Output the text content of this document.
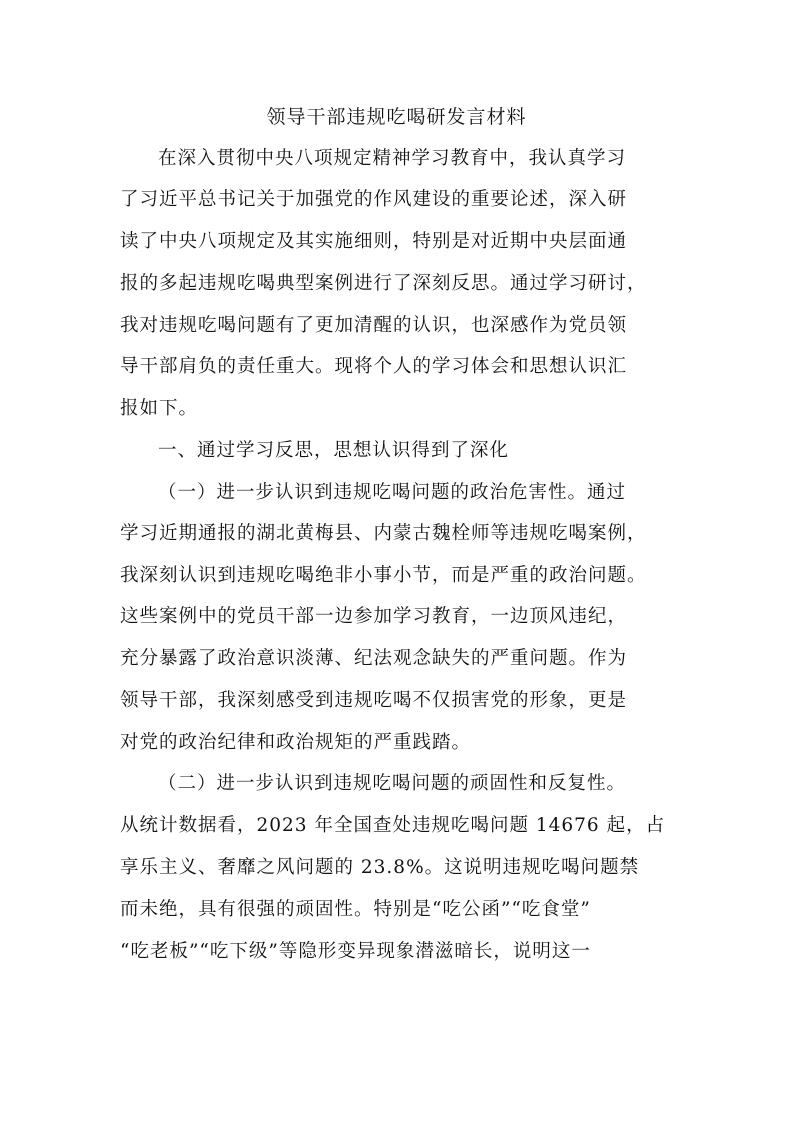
领导干部违规吃喝研发言材料
在深入贯彻中央八项规定精神学习教育中，我认真学习
了习近平总书记关于加强党的作风建设的重要论述，深入研
读了中央八项规定及其实施细则，特别是对近期中央层面通
报的多起违规吃喝典型案例进行了深刻反思。通过学习研讨，
我对违规吃喝问题有了更加清醒的认识，也深感作为党员领
导干部肩负的责任重大。现将个人的学习体会和思想认识汇
报如下。
一、通过学习反思，思想认识得到了深化
（一）进一步认识到违规吃喝问题的政治危害性。通过
学习近期通报的湖北黄梅县、内蒙古魏栓师等违规吃喝案例，
我深刻认识到违规吃喝绝非小事小节，而是严重的政治问题。
这些案例中的党员干部一边参加学习教育，一边顶风违纪，
充分暴露了政治意识淡薄、纪法观念缺失的严重问题。作为
领导干部，我深刻感受到违规吃喝不仅损害党的形象，更是
对党的政治纪律和政治规矩的严重践踏。
（二）进一步认识到违规吃喝问题的顽固性和反复性。
从统计数据看，2023 年全国查处违规吃喝问题 14676 起，占
享乐主义、奢靡之风问题的 23.8%。这说明违规吃喝问题禁
而未绝，具有很强的顽固性。特别是“吃公函”“吃食堂”
“吃老板”“吃下级”等隐形变异现象潜滋暗长，说明这一
